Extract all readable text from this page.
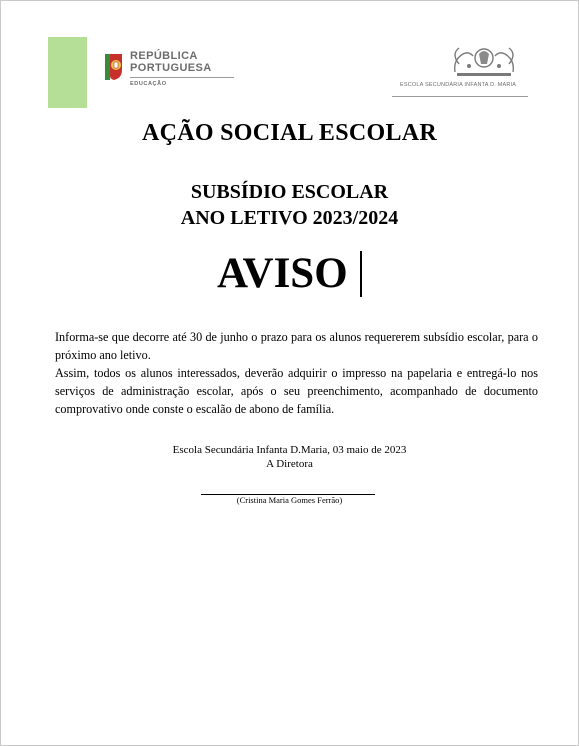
REPÚBLICA
PORTUGUESA
EDUCAÇÃO	ESCOLA SECUNDÁRIA INFANTA D. MARIA
AÇÃO SOCIAL ESCOLAR
SUBSÍDIO ESCOLAR
ANO LETIVO 2023/2024
AVISO

Informa-se que decorre até 30 de junho o prazo para os alunos requererem subsídio escolar, para o próximo ano letivo.

Assim, todos os alunos interessados, deverão adquirir o impresso na papelaria e entregá-lo nos serviços de administração escolar, após o seu preenchimento, acompanhado de documento comprovativo onde conste o escalão de abono de família.

Escola Secundária Infanta D.Maria, 03 maio de 2023
A Diretora
(Cristina Maria Gomes Ferrão)
